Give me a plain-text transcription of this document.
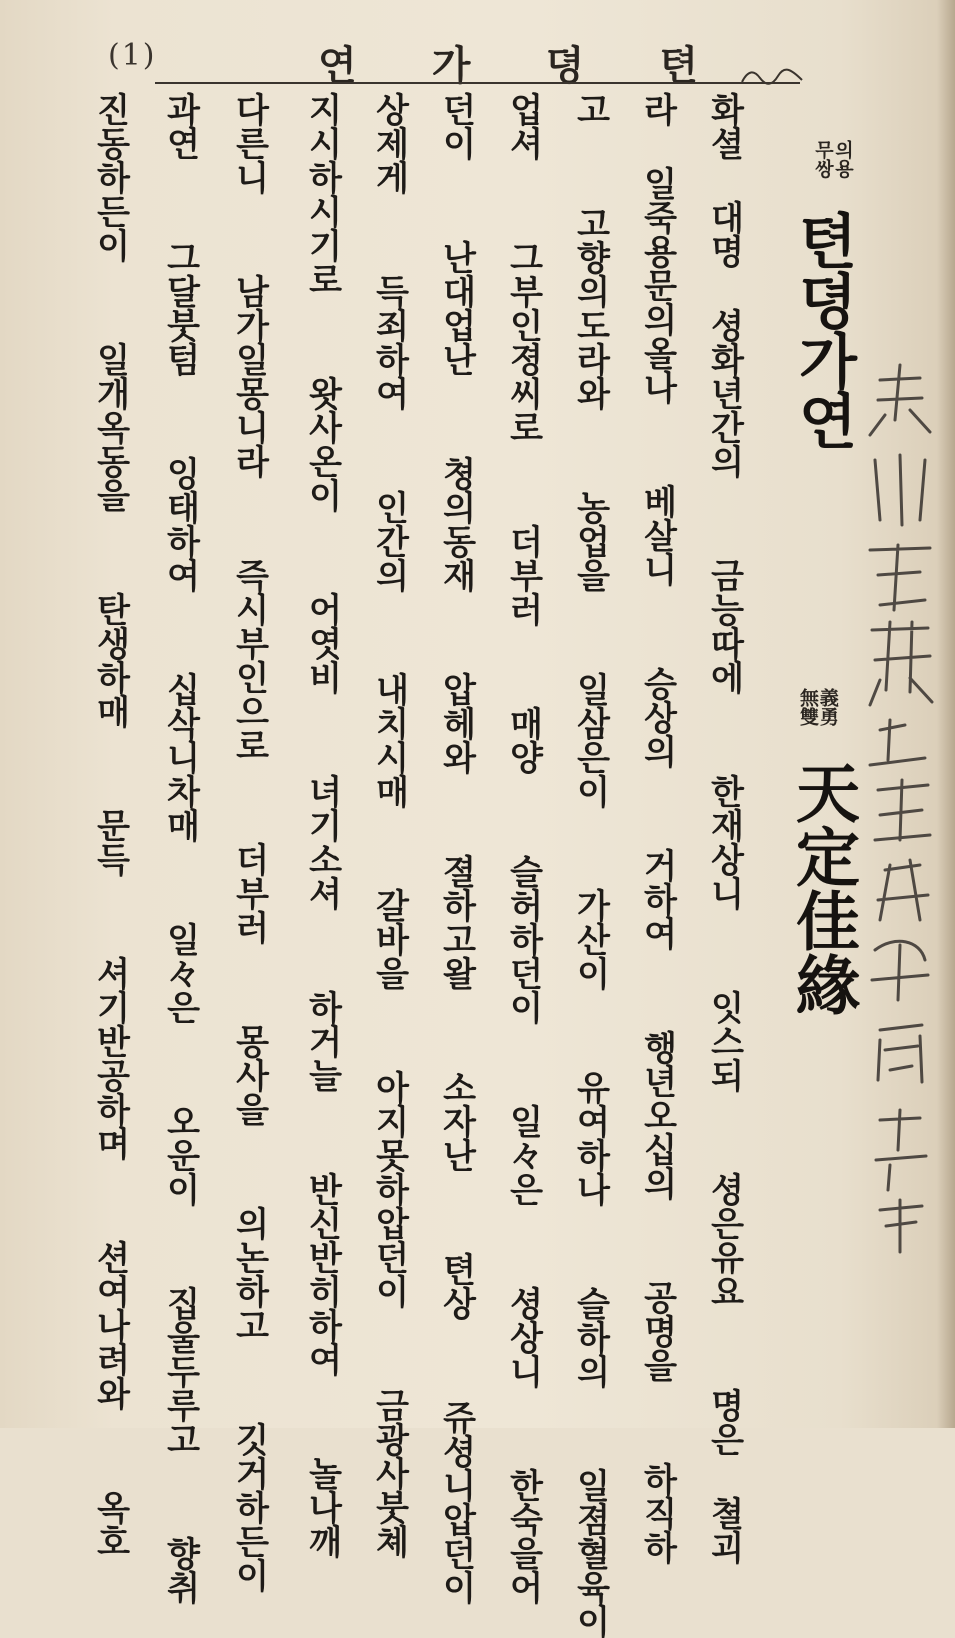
(1)	텬
뎡
가
연
의용
무쌍
텬뎡가연
義勇
無雙
天定佳緣
화셜 대명 셩화년간의  금능따에  한재상니  잇스되  셩은유요  명은 쳘괴
라 일죽용문의올나  베살니  승상의  거하여  행년오십의  공명을  하직하
고  고향의도라와  농업을  일삼은이  가산이  유여하나  슬하의  일졈혈육이
업셔  그부인졍씨로  더부러  매양  슬허하던이  일々은  셩상니  한숙을어
던이  난대업난  쳥의동재  압헤와  졀하고왈  소자난  텬상  쥬셩니압던이
상제게  득죄하여  인간의  내치시매  갈바을  아지못하압던이  금광사붓쳬
지시하시기로  왓사온이  어엿비  녀기소셔  하거늘  반신반히하여  놀나깨
다른니  남가일몽니라  즉시부인으로  더부러  몽사을  의논하고  깃거하든이
과연  그달붓텀  잉태하여  십삭니차매  일々은  오운이  집울두루고  향취
진동하든이  일개옥동을  탄생하매  문득  셔기반공하며  션여나려와  옥호
